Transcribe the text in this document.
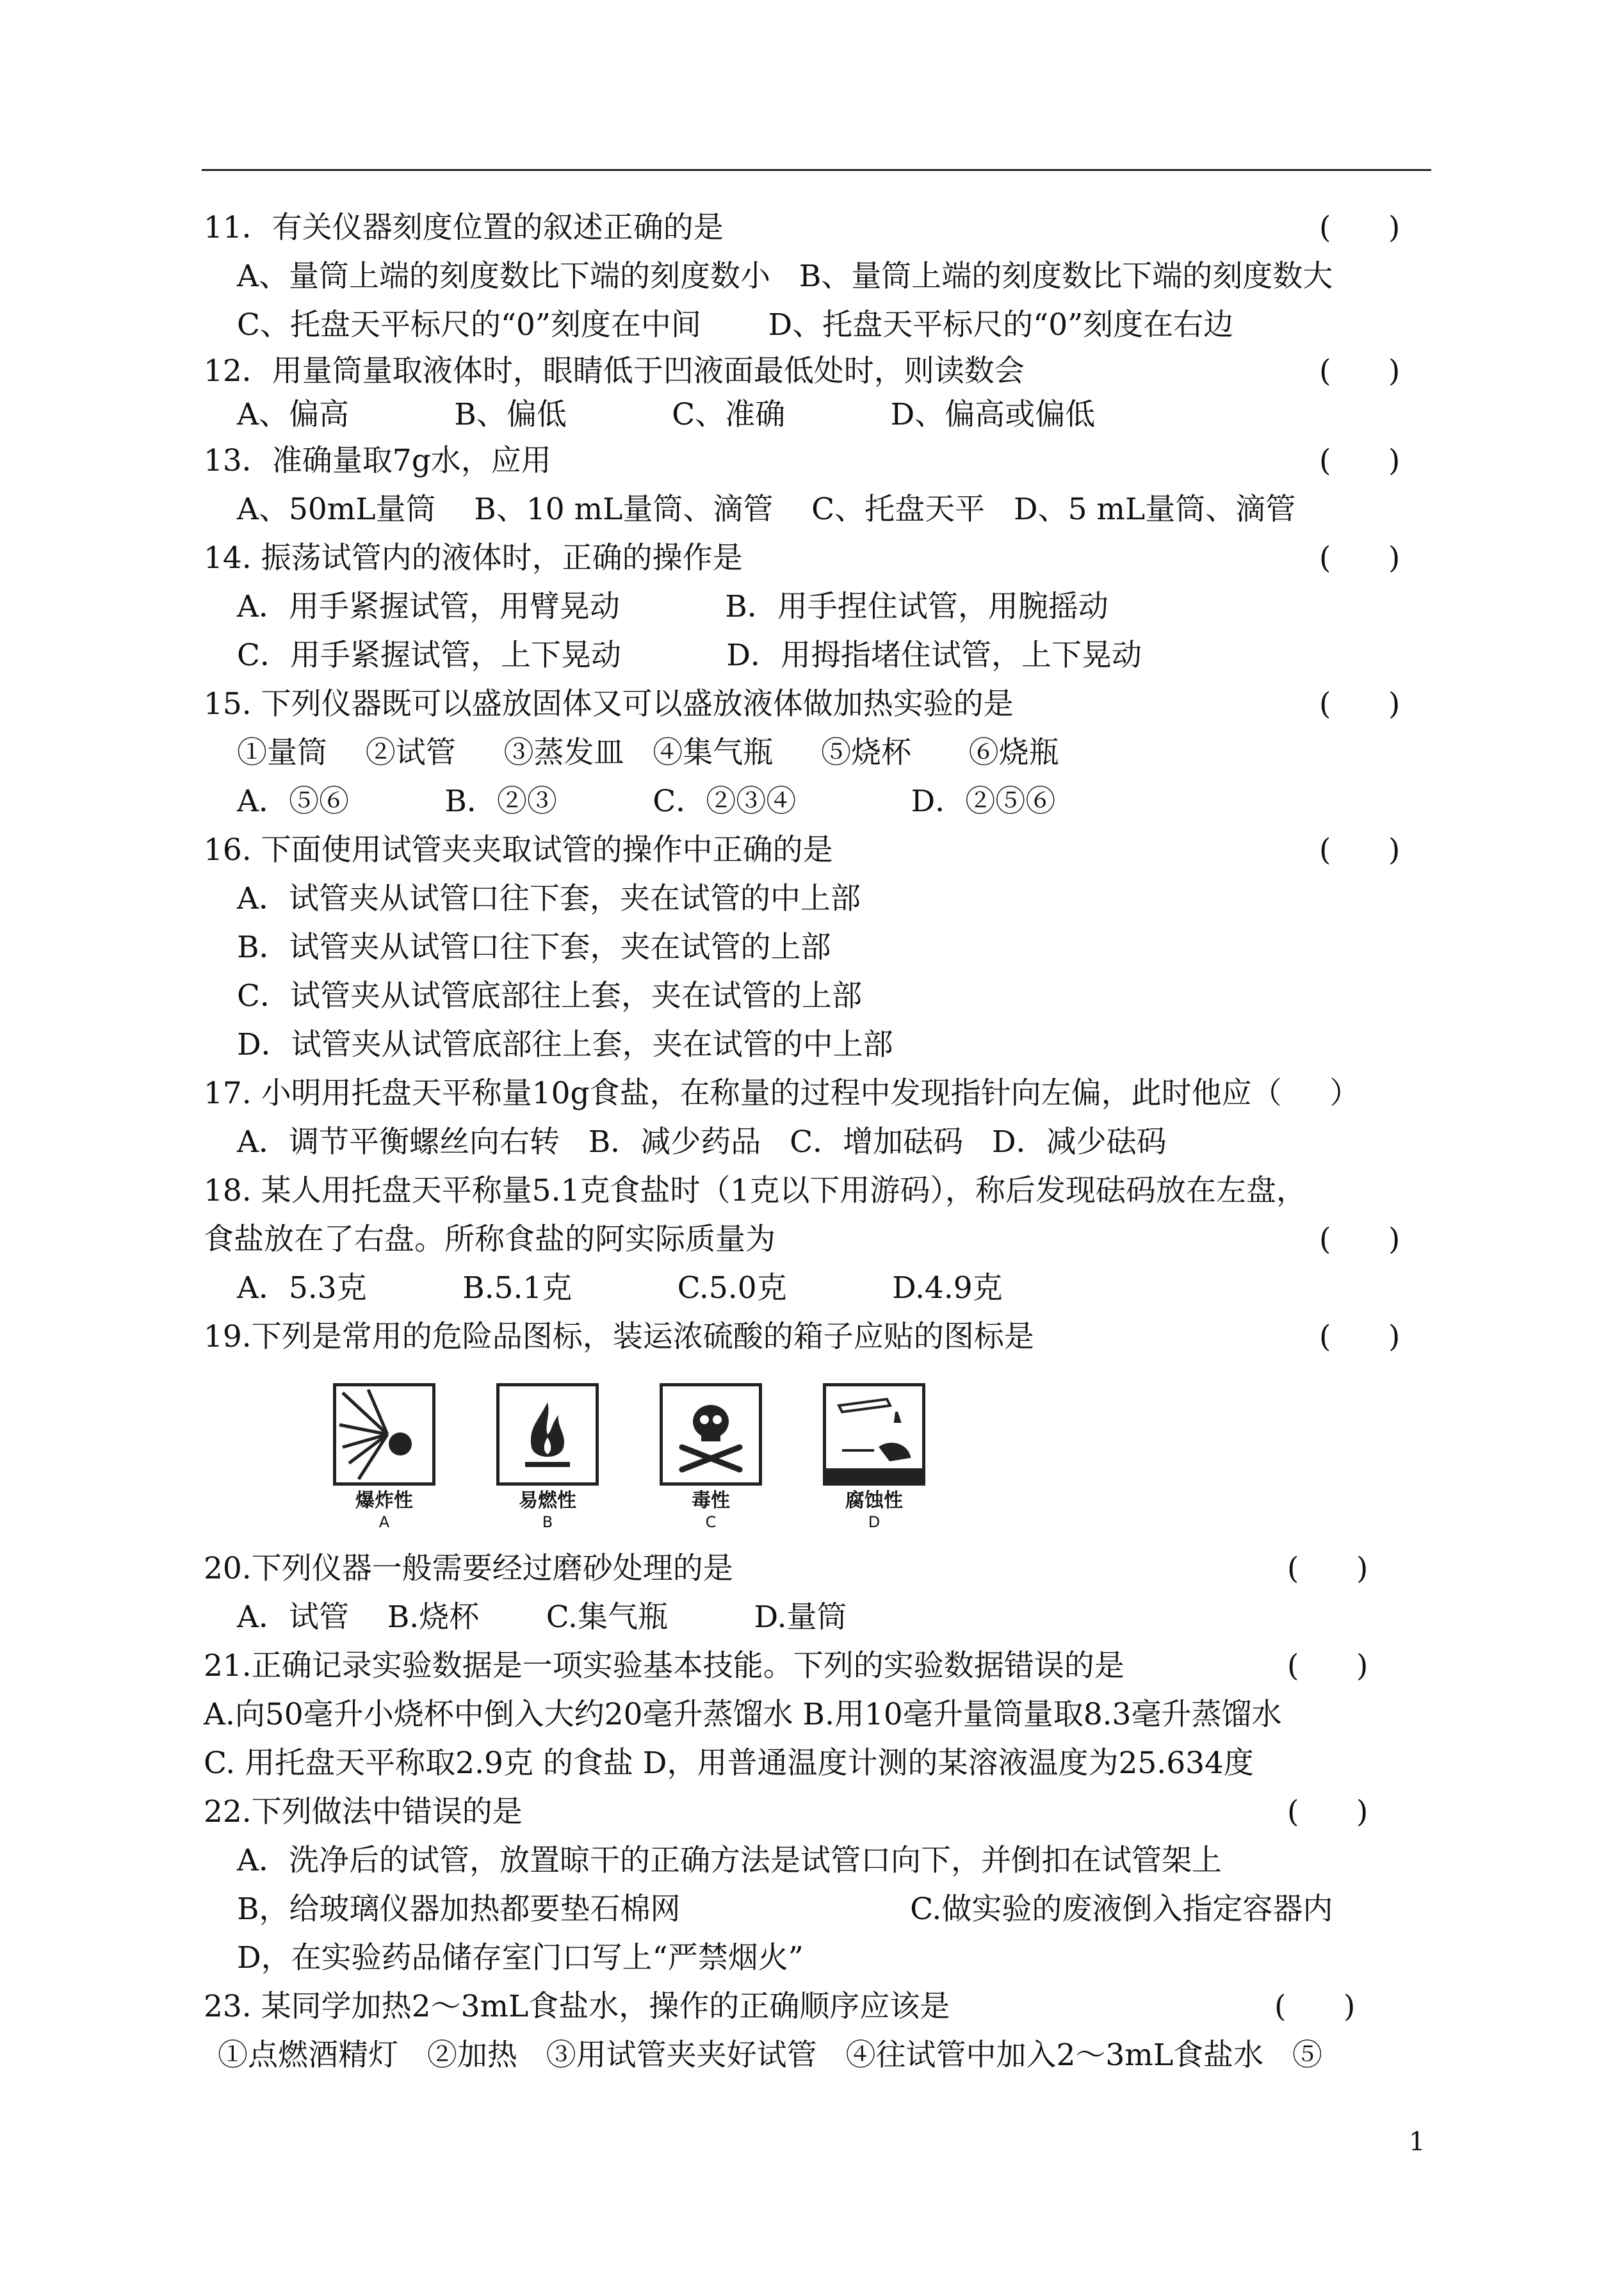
11．有关仪器刻度位置的叙述正确的是	(      )
A、量筒上端的刻度数比下端的刻度数小   B、量筒上端的刻度数比下端的刻度数大
C、托盘天平标尺的“0”刻度在中间       D、托盘天平标尺的“0”刻度在右边
12．用量筒量取液体时，眼睛低于凹液面最低处时，则读数会	(      )
A、偏高           B、偏低           C、准确           D、偏高或偏低
13．准确量取7g水，应用	(      )
A、50mL量筒    B、10 mL量筒、滴管    C、托盘天平   D、5 mL量筒、滴管
14. 振荡试管内的液体时，正确的操作是	(      )
A．用手紧握试管，用臂晃动           B．用手捏住试管，用腕摇动
C．用手紧握试管，上下晃动           D．用拇指堵住试管，上下晃动
15. 下列仪器既可以盛放固体又可以盛放液体做加热实验的是	(      )
①量筒    ②试管     ③蒸发皿   ④集气瓶     ⑤烧杯      ⑥烧瓶
A．⑤⑥          B．②③          C．②③④            D．②⑤⑥
16. 下面使用试管夹夹取试管的操作中正确的是	(      )
A．试管夹从试管口往下套，夹在试管的中上部
B．试管夹从试管口往下套，夹在试管的上部
C．试管夹从试管底部往上套，夹在试管的上部
D．试管夹从试管底部往上套，夹在试管的中上部
17. 小明用托盘天平称量10g食盐，在称量的过程中发现指针向左偏，此时他应（     ）
A．调节平衡螺丝向右转   B．减少药品   C．增加砝码   D．减少砝码
18. 某人用托盘天平称量5.1克食盐时（1克以下用游码），称后发现砝码放在左盘，
食盐放在了右盘。所称食盐的阿实际质量为	(      )
A．5.3克          B.5.1克           C.5.0克           D.4.9克
19.下列是常用的危险品图标，装运浓硫酸的箱子应贴的图标是	(      )
爆炸性
A
易燃性
B
毒性
C
腐蚀性
D
20.下列仪器一般需要经过磨砂处理的是	(      )
A．试管    B.烧杯       C.集气瓶         D.量筒
21.正确记录实验数据是一项实验基本技能。下列的实验数据错误的是	(      )
A.向50毫升小烧杯中倒入大约20毫升蒸馏水 B.用10毫升量筒量取8.3毫升蒸馏水
C. 用托盘天平称取2.9克 的食盐 D，用普通温度计测的某溶液温度为25.634度
22.下列做法中错误的是	(      )
A．洗净后的试管，放置晾干的正确方法是试管口向下，并倒扣在试管架上
B，给玻璃仪器加热都要垫石棉网                        C.做实验的废液倒入指定容器内
D，在实验药品储存室门口写上“严禁烟火”
23. 某同学加热2～3mL食盐水，操作的正确顺序应该是	(      )
①点燃酒精灯   ②加热   ③用试管夹夹好试管   ④往试管中加入2～3mL食盐水   ⑤
1
